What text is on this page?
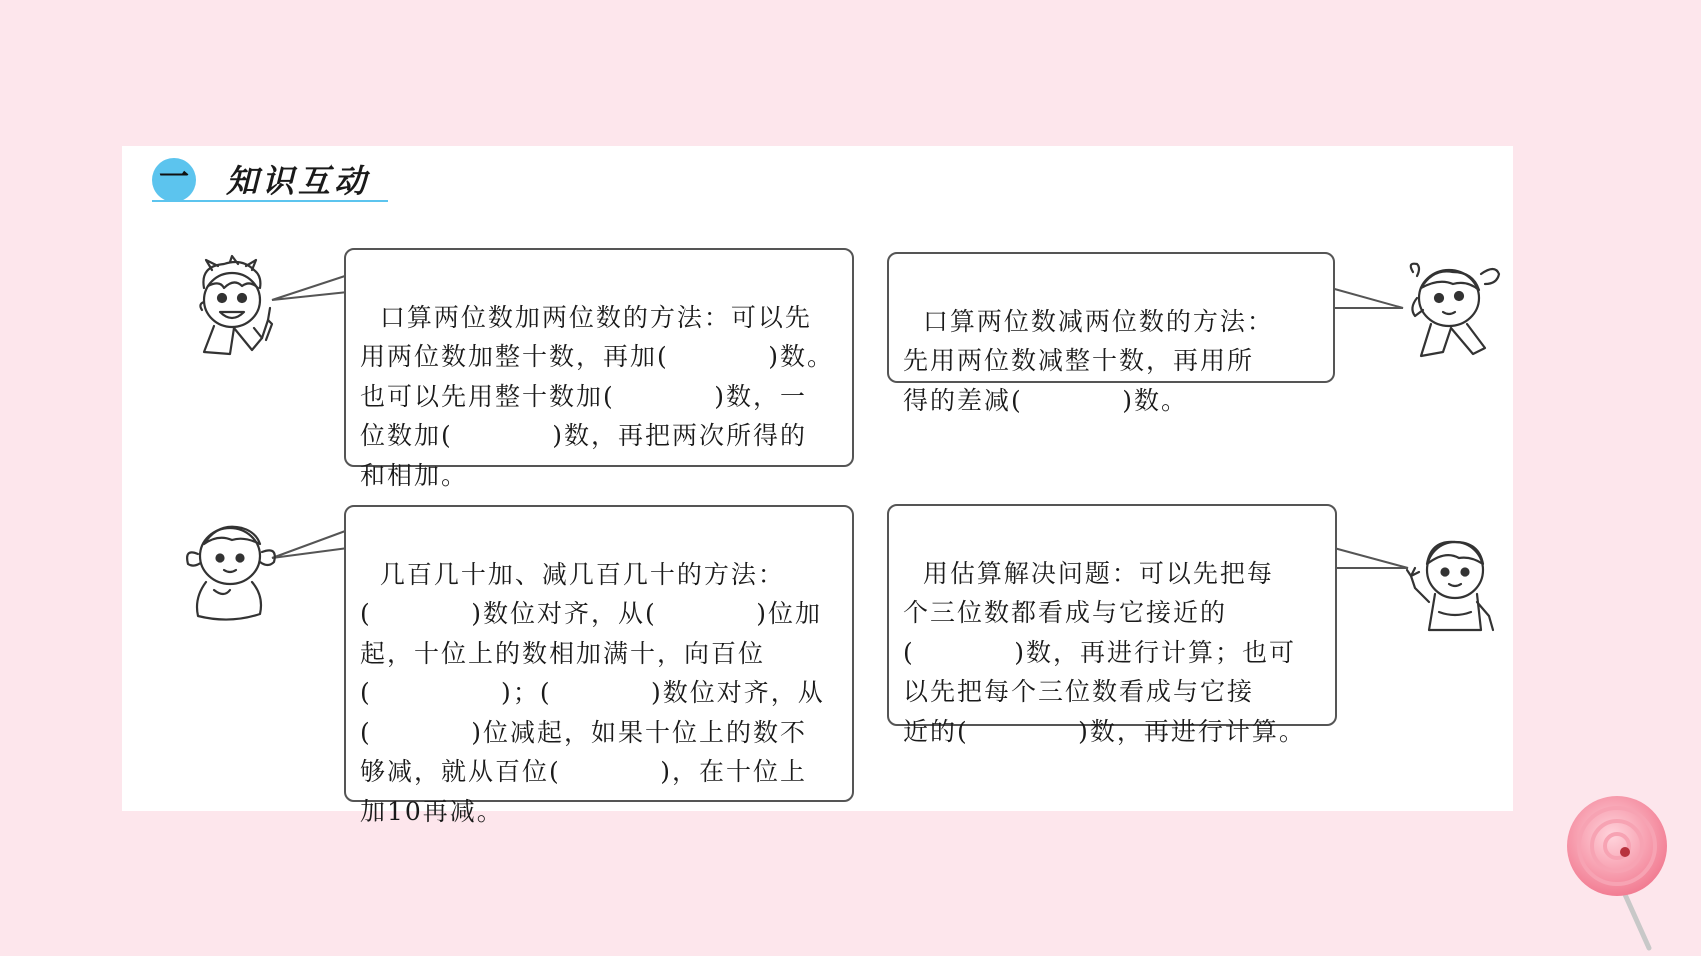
一 知识互动

口算两位数加两位数的方法：可以先
用两位数加整十数，再加(          )数。
也可以先用整十数加(          )数，一
位数加(          )数，再把两次所得的
和相加。

口算两位数减两位数的方法：
先用两位数减整十数，再用所
得的差减(          )数。

几百几十加、减几百几十的方法：
(          )数位对齐，从(          )位加
起，十位上的数相加满十，向百位
(             )；(          )数位对齐，从
(          )位减起，如果十位上的数不
够减，就从百位(          )，在十位上
加10再减。

用估算解决问题：可以先把每
个三位数都看成与它接近的
(          )数，再进行计算；也可
以先把每个三位数看成与它接
近的(           )数，再进行计算。
